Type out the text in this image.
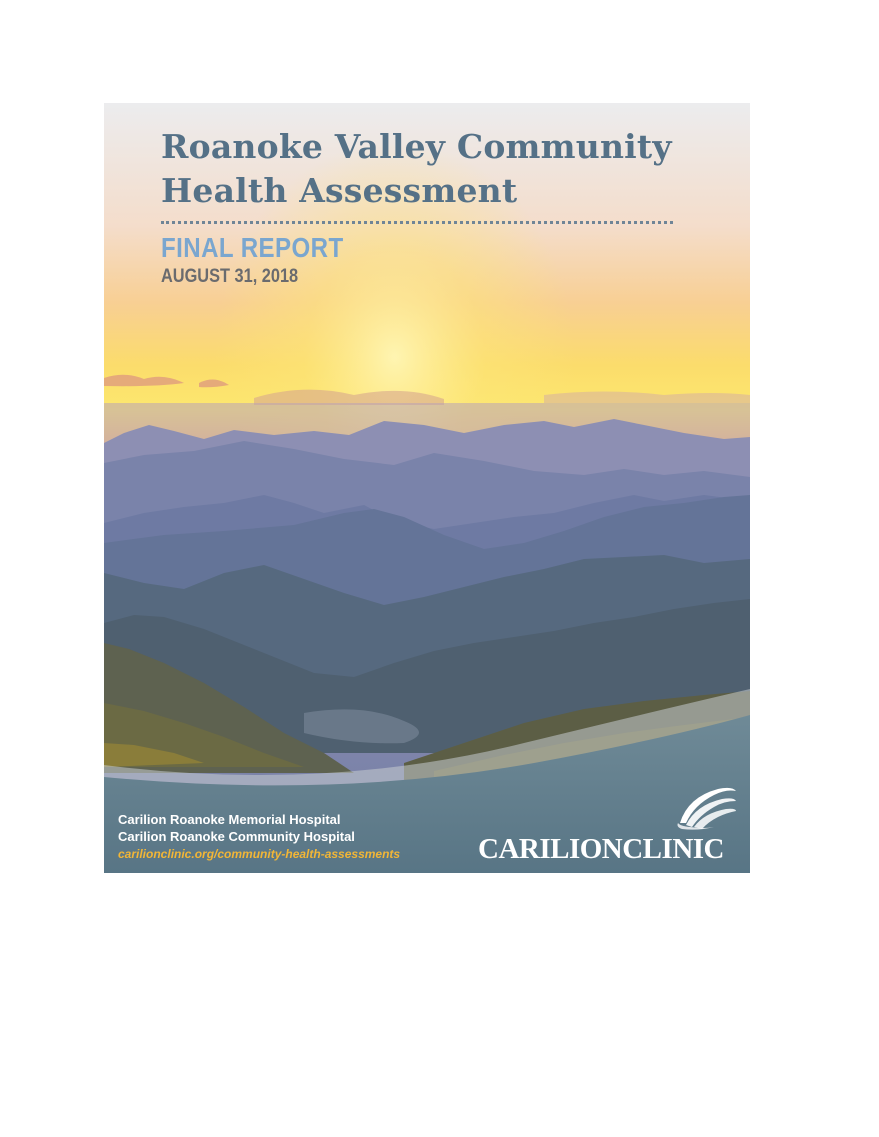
Roanoke Valley Community
Health Assessment
FINAL REPORT
AUGUST 31, 2018
Carilion Roanoke Memorial Hospital
Carilion Roanoke Community Hospital
carilionclinic.org/community-health-assessments	CARILIONCLINIC
